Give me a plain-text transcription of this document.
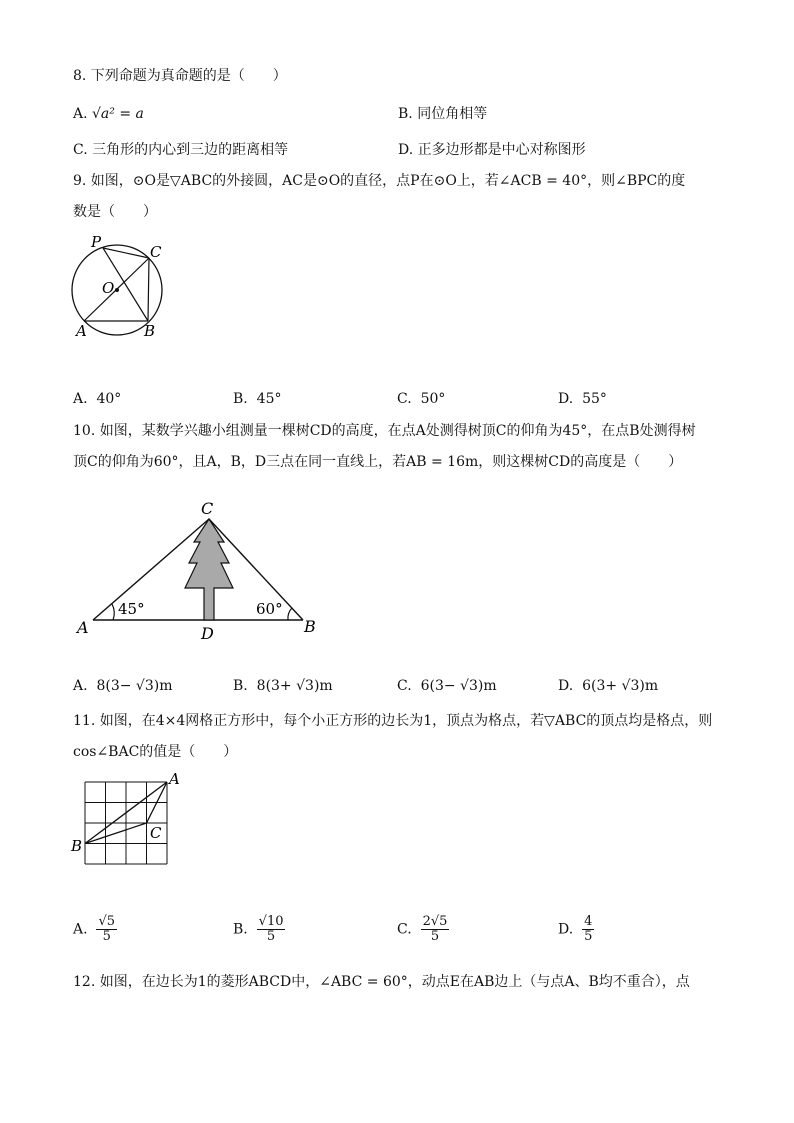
8. 下列命题为真命题的是（　　）
A. √a² = a	B. 同位角相等
C. 三角形的内心到三边的距离相等	D. 正多边形都是中心对称图形
9. 如图，⊙O是▽ABC的外接圆，AC是⊙O的直径，点P在⊙O上，若∠ACB = 40°，则∠BPC的度
数是（　　）
P
C
O
A	B
A. 40°	B. 45°	C. 50°	D. 55°
10. 如图，某数学兴趣小组测量一棵树CD的高度，在点A处测得树顶C的仰角为45°，在点B处测得树
顶C的仰角为60°，且A，B，D三点在同一直线上，若AB = 16m，则这棵树CD的高度是（　　）
C
A	B
D
45°	60°
A. 8(3− √3)m	B. 8(3+ √3)m	C. 6(3− √3)m	D. 6(3+ √3)m
11. 如图，在4×4网格正方形中，每个小正方形的边长为1，顶点为格点，若▽ABC的顶点均是格点，则
cos∠BAC的值是（　　）
A
B
C
A. $\frac{√5}{5}$	B. $\frac{√10}{5}$	C. $\frac{2√5}{5}$	D. $\frac{4}{5}$
12. 如图，在边长为1的菱形ABCD中，∠ABC = 60°，动点E在AB边上（与点A、B均不重合），点
